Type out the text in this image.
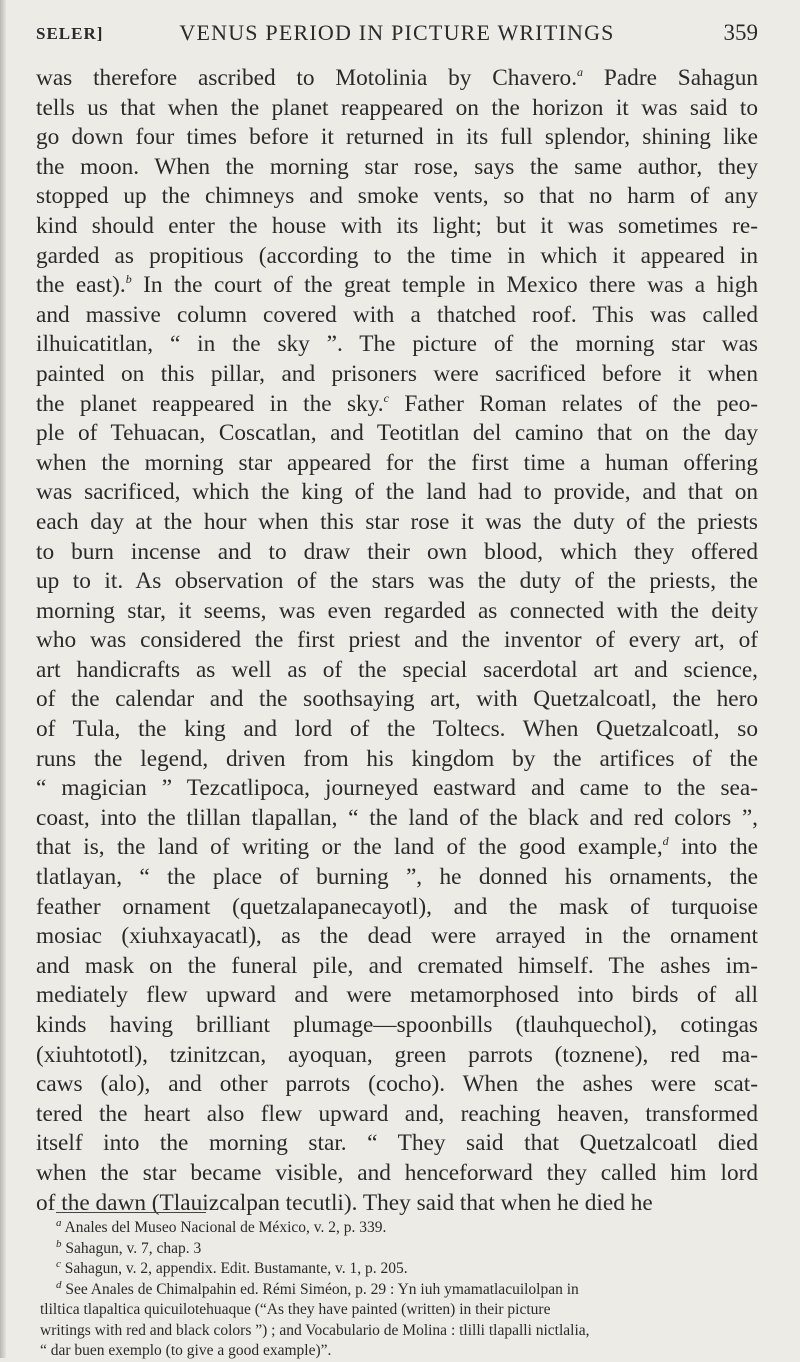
SELER]	VENUS PERIOD IN PICTURE WRITINGS	359
was therefore ascribed to Motolinia by Chavero.$^a$ Padre Sahagun
tells us that when the planet reappeared on the horizon it was said to
go down four times before it returned in its full splendor, shining like
the moon. When the morning star rose, says the same author, they
stopped up the chimneys and smoke vents, so that no harm of any
kind should enter the house with its light; but it was sometimes re-
garded as propitious (according to the time in which it appeared in
the east).$^b$ In the court of the great temple in Mexico there was a high
and massive column covered with a thatched roof. This was called
ilhuicatitlan, “ in the sky ”. The picture of the morning star was
painted on this pillar, and prisoners were sacrificed before it when
the planet reappeared in the sky.$^c$ Father Roman relates of the peo-
ple of Tehuacan, Coscatlan, and Teotitlan del camino that on the day
when the morning star appeared for the first time a human offering
was sacrificed, which the king of the land had to provide, and that on
each day at the hour when this star rose it was the duty of the priests
to burn incense and to draw their own blood, which they offered
up to it. As observation of the stars was the duty of the priests, the
morning star, it seems, was even regarded as connected with the deity
who was considered the first priest and the inventor of every art, of
art handicrafts as well as of the special sacerdotal art and science,
of the calendar and the soothsaying art, with Quetzalcoatl, the hero
of Tula, the king and lord of the Toltecs. When Quetzalcoatl, so
runs the legend, driven from his kingdom by the artifices of the
“ magician ” Tezcatlipoca, journeyed eastward and came to the sea-
coast, into the tlillan tlapallan, “ the land of the black and red colors ”,
that is, the land of writing or the land of the good example,$^d$ into the
tlatlayan, “ the place of burning ”, he donned his ornaments, the
feather ornament (quetzalapanecayotl), and the mask of turquoise
mosiac (xiuhxayacatl), as the dead were arrayed in the ornament
and mask on the funeral pile, and cremated himself. The ashes im-
mediately flew upward and were metamorphosed into birds of all
kinds having brilliant plumage—spoonbills (tlauhquechol), cotingas
(xiuhtototl), tzinitzcan, ayoquan, green parrots (toznene), red ma-
caws (alo), and other parrots (cocho). When the ashes were scat-
tered the heart also flew upward and, reaching heaven, transformed
itself into the morning star. “ They said that Quetzalcoatl died
when the star became visible, and henceforward they called him lord
of the dawn (Tlauizcalpan tecutli). They said that when he died he
$^a$ Anales del Museo Nacional de México, v. 2, p. 339.
$^b$ Sahagun, v. 7, chap. 3
$^c$ Sahagun, v. 2, appendix. Edit. Bustamante, v. 1, p. 205.
$^d$ See Anales de Chimalpahin ed. Rémi Siméon, p. 29 : Yn iuh ymamatlacuilolpan in
tliltica tlapaltica quicuilotehuaque (“As they have painted (written) in their picture
writings with red and black colors ”) ; and Vocabulario de Molina : tlilli tlapalli nictlalia,
“ dar buen exemplo (to give a good example)”.
